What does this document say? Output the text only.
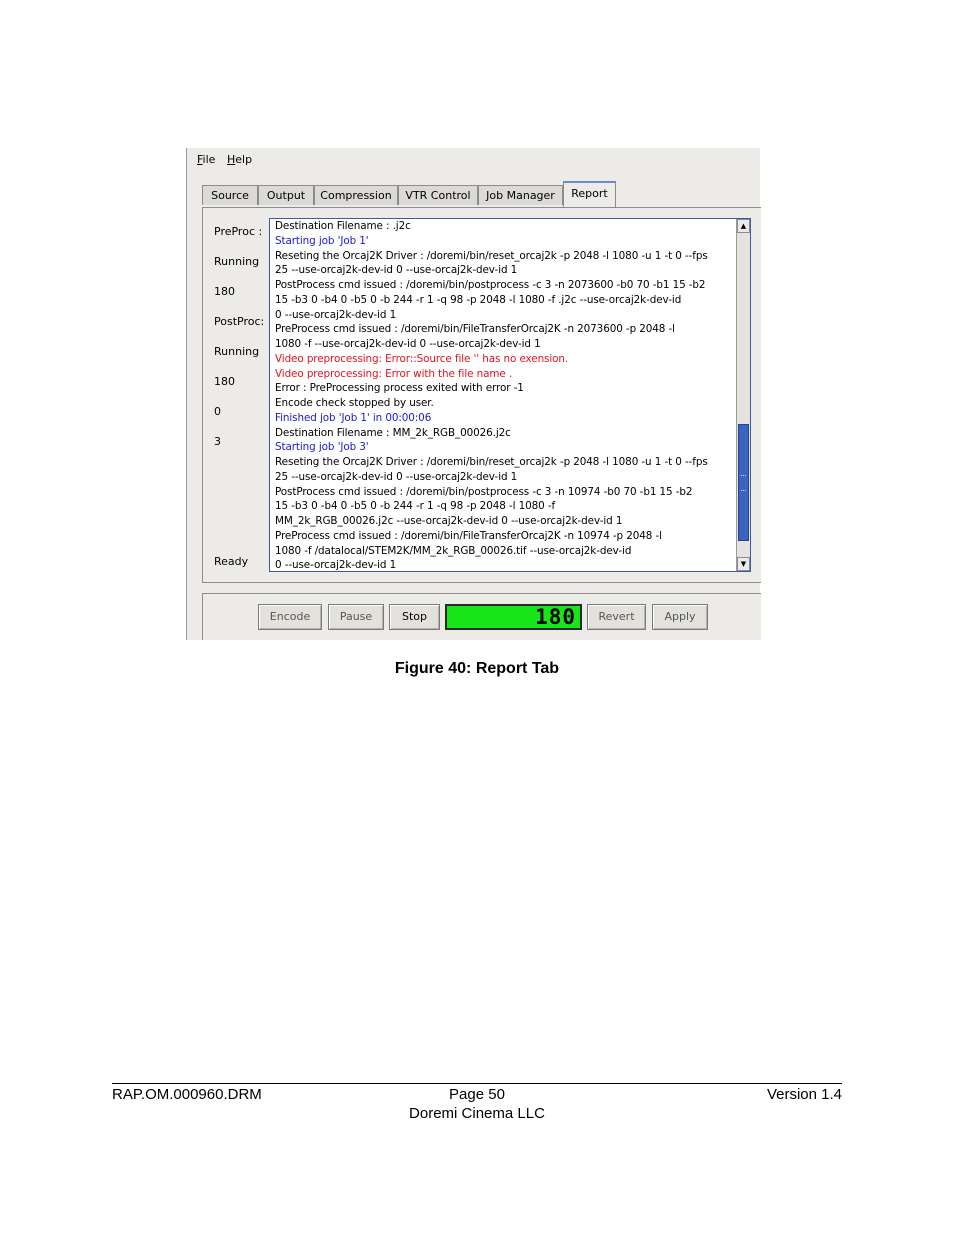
File Help
Source	Output	Compression	VTR Control	Job Manager	Report
PreProc :
Running
180
PostProc:
Running
180
0
3
Ready
Destination Filename : .j2c
Starting job 'Job 1'
Reseting the Orcaj2K Driver : /doremi/bin/reset_orcaj2k -p 2048 -l 1080 -u 1 -t 0 --fps
25 --use-orcaj2k-dev-id 0 --use-orcaj2k-dev-id 1
PostProcess cmd issued : /doremi/bin/postprocess -c 3 -n 2073600 -b0 70 -b1 15 -b2
15 -b3 0 -b4 0 -b5 0 -b 244 -r 1 -q 98 -p 2048 -l 1080 -f .j2c --use-orcaj2k-dev-id
0 --use-orcaj2k-dev-id 1
PreProcess cmd issued : /doremi/bin/FileTransferOrcaj2K -n 2073600 -p 2048 -l
1080 -f --use-orcaj2k-dev-id 0 --use-orcaj2k-dev-id 1
Video preprocessing: Error::Source file '' has no exension.
Video preprocessing: Error with the file name .
Error : PreProcessing process exited with error -1
Encode check stopped by user.
Finished job 'Job 1' in 00:00:06
Destination Filename : MM_2k_RGB_00026.j2c
Starting job 'Job 3'
Reseting the Orcaj2K Driver : /doremi/bin/reset_orcaj2k -p 2048 -l 1080 -u 1 -t 0 --fps
25 --use-orcaj2k-dev-id 0 --use-orcaj2k-dev-id 1
PostProcess cmd issued : /doremi/bin/postprocess -c 3 -n 10974 -b0 70 -b1 15 -b2
15 -b3 0 -b4 0 -b5 0 -b 244 -r 1 -q 98 -p 2048 -l 1080 -f
MM_2k_RGB_00026.j2c --use-orcaj2k-dev-id 0 --use-orcaj2k-dev-id 1
PreProcess cmd issued : /doremi/bin/FileTransferOrcaj2K -n 10974 -p 2048 -l
1080 -f /datalocal/STEM2K/MM_2k_RGB_00026.tif --use-orcaj2k-dev-id
0 --use-orcaj2k-dev-id 1
▲
▼
Encode	Pause	Stop	180	Revert	Apply
Figure 40: Report Tab
RAP.OM.000960.DRM	Page 50	Version 1.4
Doremi Cinema LLC
